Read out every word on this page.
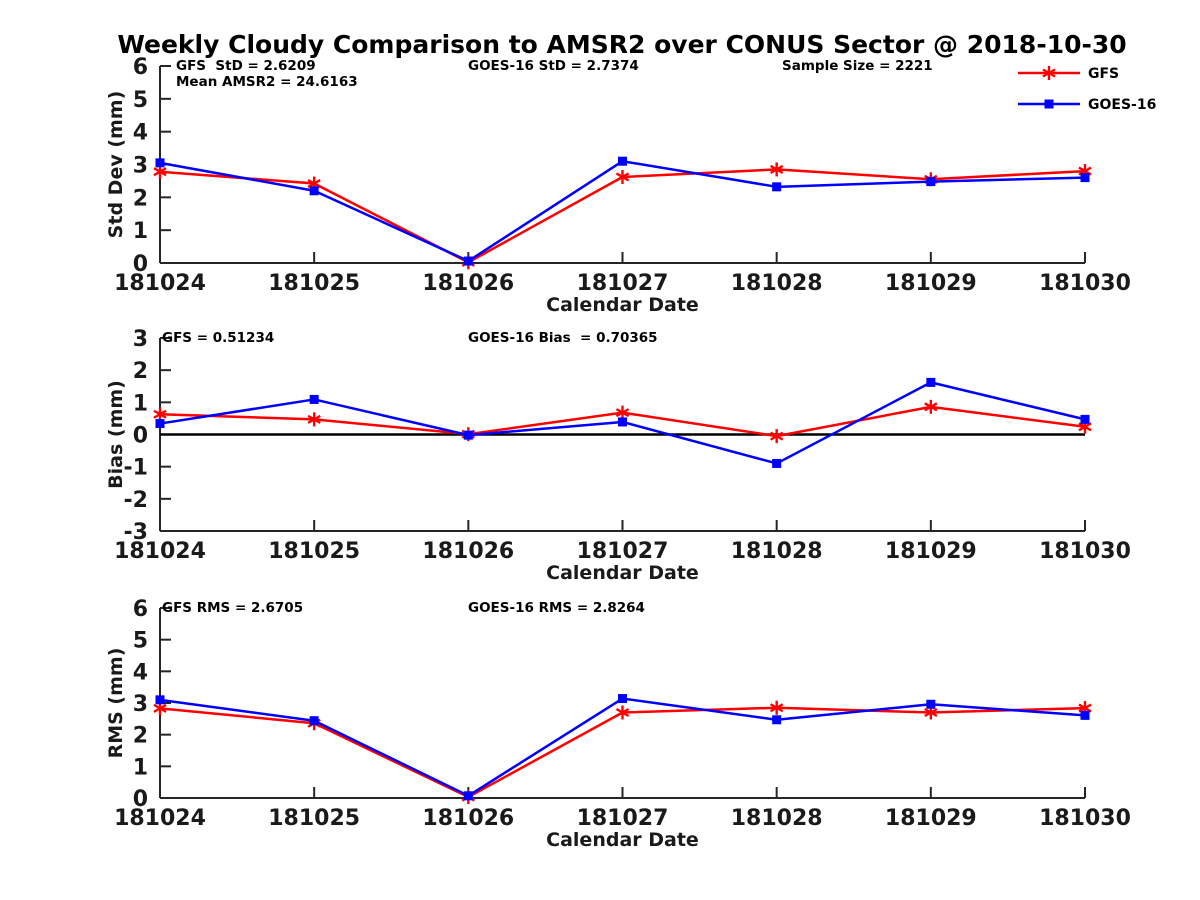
Weekly Cloudy Comparison to AMSR2 over CONUS Sector @ 2018-10-30
0
1
2
3
4
5
6
181024	181025	181026	181027	181028	181029	181030
Calendar Date
Std Dev (mm)
GFS  StD = 2.6209
Mean AMSR2 = 24.6163
GOES-16 StD = 2.7374	Sample Size = 2221
3
2
1
0
-1
-2
-3
181024	181025	181026	181027	181028	181029	181030
Calendar Date
Bias (mm)
GFS = 0.51234	GOES-16 Bias  = 0.70365
0
1
2
3
4
5
6
181024	181025	181026	181027	181028	181029	181030
Calendar Date
RMS (mm)
GFS RMS = 2.6705	GOES-16 RMS = 2.8264
GFS
GOES-16
